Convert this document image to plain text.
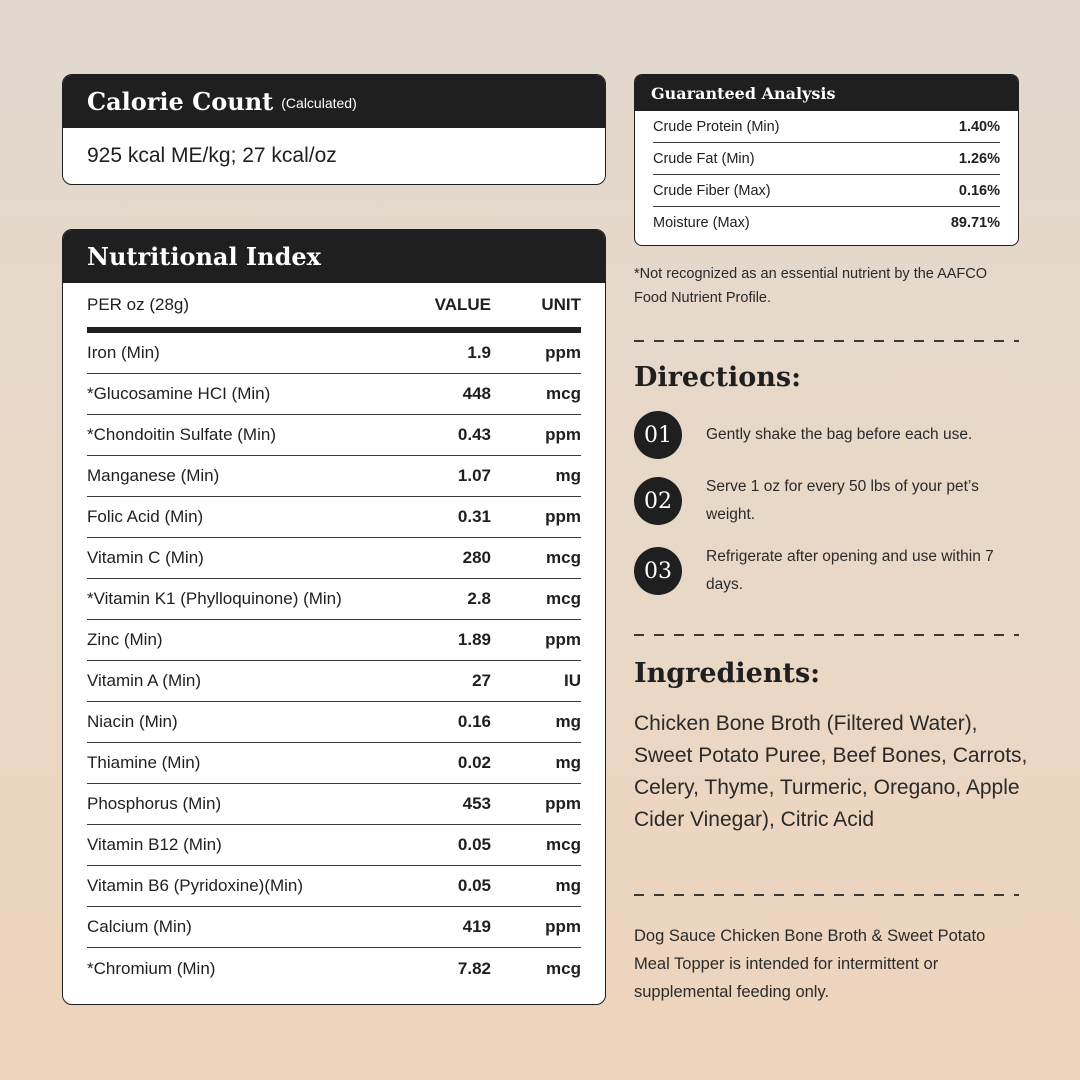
Calorie Count (Calculated)
925 kcal ME/kg; 27 kcal/oz
Nutritional Index
PER oz (28g)	VALUE	UNIT
Iron (Min)	1.9	ppm
*Glucosamine HCI (Min)	448	mcg
*Chondoitin Sulfate (Min)	0.43	ppm
Manganese (Min)	1.07	mg
Folic Acid (Min)	0.31	ppm
Vitamin C (Min)	280	mcg
*Vitamin K1 (Phylloquinone) (Min)	2.8	mcg
Zinc (Min)	1.89	ppm
Vitamin A (Min)	27	IU
Niacin (Min)	0.16	mg
Thiamine (Min)	0.02	mg
Phosphorus (Min)	453	ppm
Vitamin B12 (Min)	0.05	mcg
Vitamin B6 (Pyridoxine)(Min)	0.05	mg
Calcium (Min)	419	ppm
*Chromium (Min)	7.82	mcg
Guaranteed Analysis
Crude Protein (Min)	1.40%
Crude Fat (Min)	1.26%
Crude Fiber (Max)	0.16%
Moisture (Max)	89.71%
*Not recognized as an essential nutrient by the AAFCO Food Nutrient Profile.
Directions:
01	Gently shake the bag before each use.
02
Serve 1 oz for every 50 lbs of your pet’s weight.
03
Refrigerate after opening and use within 7 days.
Ingredients:
Chicken Bone Broth (Filtered Water), Sweet Potato Puree, Beef Bones, Carrots, Celery, Thyme, Turmeric, Oregano, Apple Cider Vinegar), Citric Acid
Dog Sauce Chicken Bone Broth & Sweet Potato Meal Topper is intended for intermittent or supplemental feeding only.
